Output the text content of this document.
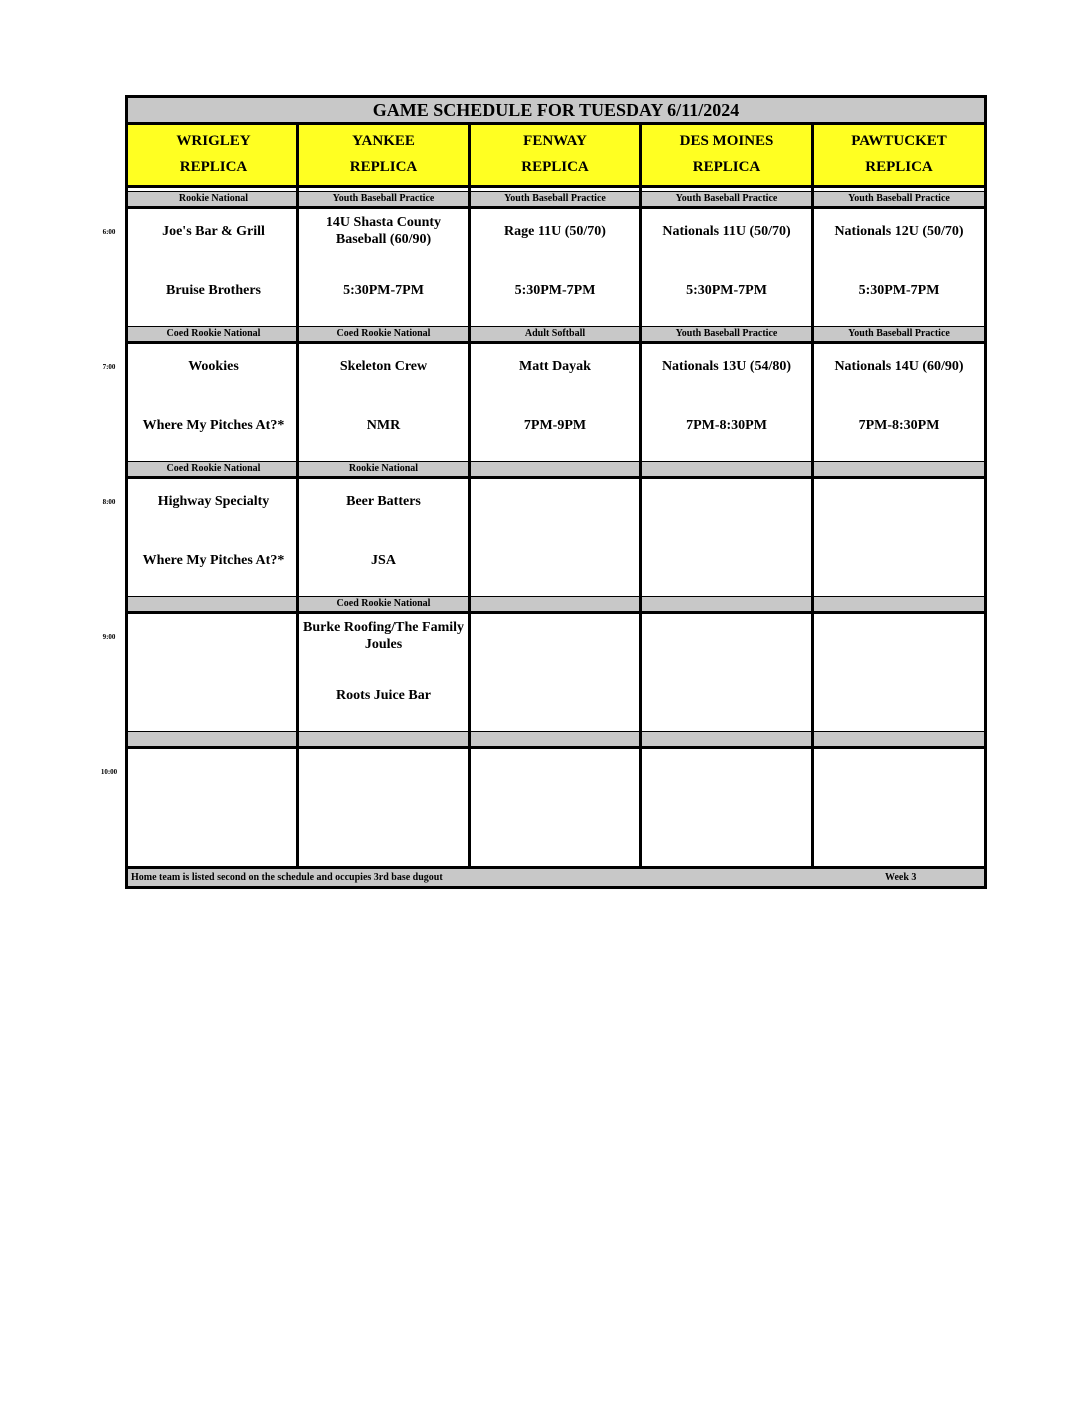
6:00
7:00
8:00
9:00
10:00
GAME SCHEDULE FOR TUESDAY 6/11/2024
Home team is listed second on the schedule and occupies 3rd base dugout	Week 3
WRIGLEY
REPLICA
YANKEE
REPLICA
FENWAY
REPLICA
DES MOINES
REPLICA
PAWTUCKET
REPLICA
Rookie National
Joe's Bar & Grill
Bruise Brothers
Youth Baseball Practice
14U Shasta County Baseball (60/90)
5:30PM-7PM
Youth Baseball Practice
Rage 11U (50/70)
5:30PM-7PM
Youth Baseball Practice
Nationals 11U (50/70)
5:30PM-7PM
Youth Baseball Practice
Nationals 12U (50/70)
5:30PM-7PM
Coed Rookie National
Wookies
Where My Pitches At?*
Coed Rookie National
Skeleton Crew
NMR
Adult Softball
Matt Dayak
7PM-9PM
Youth Baseball Practice
Nationals 13U (54/80)
7PM-8:30PM
Youth Baseball Practice
Nationals 14U (60/90)
7PM-8:30PM
Coed Rookie National
Highway Specialty
Where My Pitches At?*
Rookie National
Beer Batters
JSA
Coed Rookie National
Burke Roofing/The Family Joules
Roots Juice Bar
